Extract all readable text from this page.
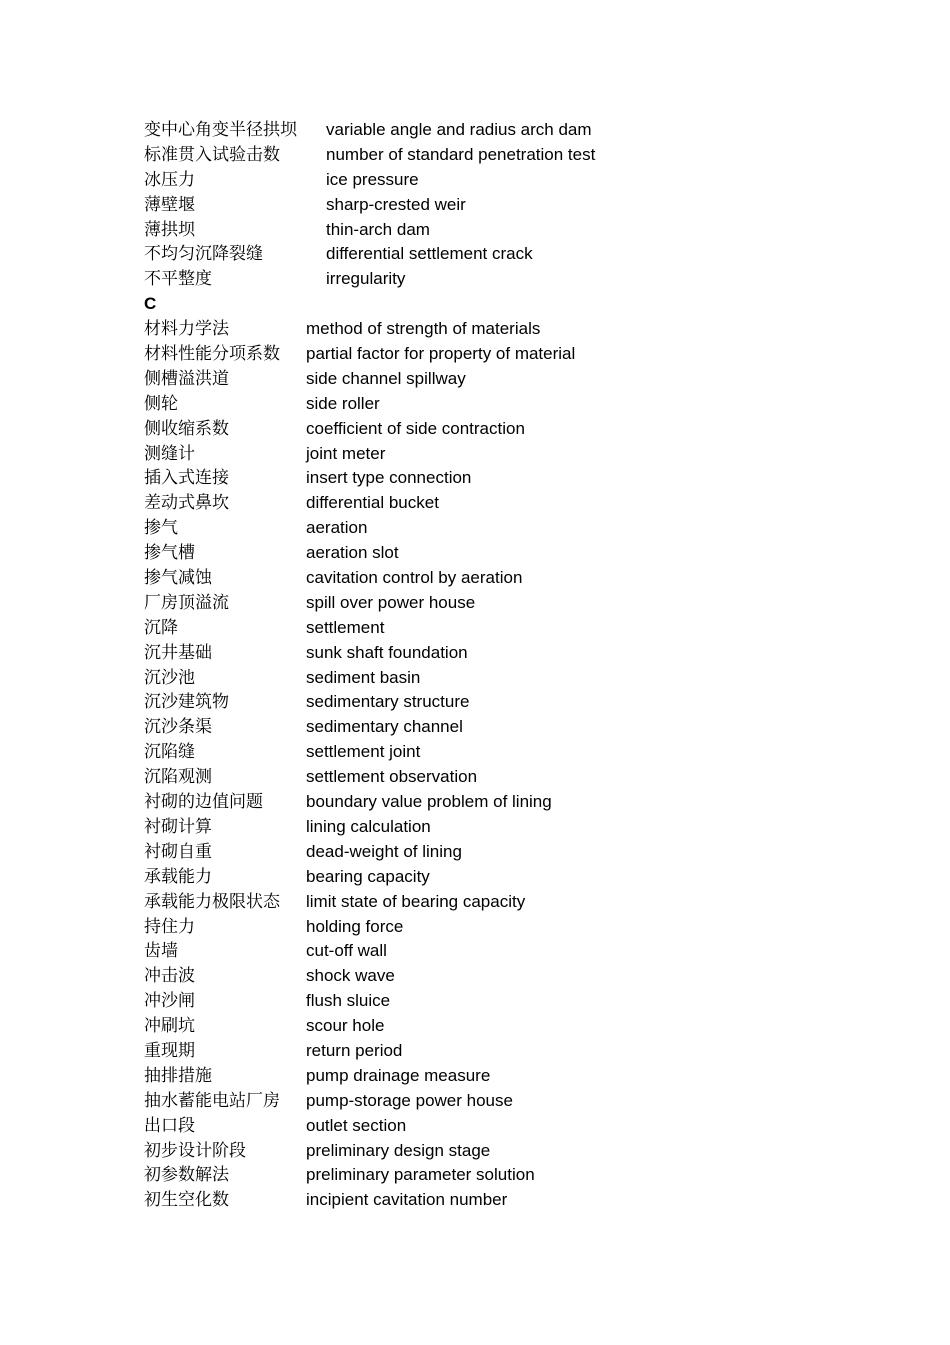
变中心角变半径拱坝 variable angle and radius arch dam
标准贯入试验击数	number of standard penetration test
冰压力	ice pressure
薄壁堰	sharp-crested weir
薄拱坝	thin-arch dam
不均匀沉降裂缝	differential settlement crack
不平整度	irregularity
C
材料力学法	method of strength of materials
材料性能分项系数 partial factor for property of material
侧槽溢洪道	side channel spillway
侧轮	side roller
侧收缩系数	coefficient of side contraction
测缝计	joint meter
插入式连接	insert type connection
差动式鼻坎	differential bucket
掺气	aeration
掺气槽	aeration slot
掺气减蚀	cavitation control by aeration
厂房顶溢流	spill over power house
沉降	settlement
沉井基础	sunk shaft foundation
沉沙池	sediment basin
沉沙建筑物	sedimentary structure
沉沙条渠	sedimentary channel
沉陷缝	settlement joint
沉陷观测	settlement observation
衬砌的边值问题	boundary value problem of lining
衬砌计算	lining calculation
衬砌自重	dead-weight of lining
承载能力	bearing capacity
承载能力极限状态 limit state of bearing capacity
持住力	holding force
齿墙	cut-off wall
冲击波	shock wave
冲沙闸	flush sluice
冲刷坑	scour hole
重现期	return period
抽排措施	pump drainage measure
抽水蓄能电站厂房 pump-storage power house
出口段	outlet section
初步设计阶段	preliminary design stage
初参数解法	preliminary parameter solution
初生空化数	incipient cavitation number
